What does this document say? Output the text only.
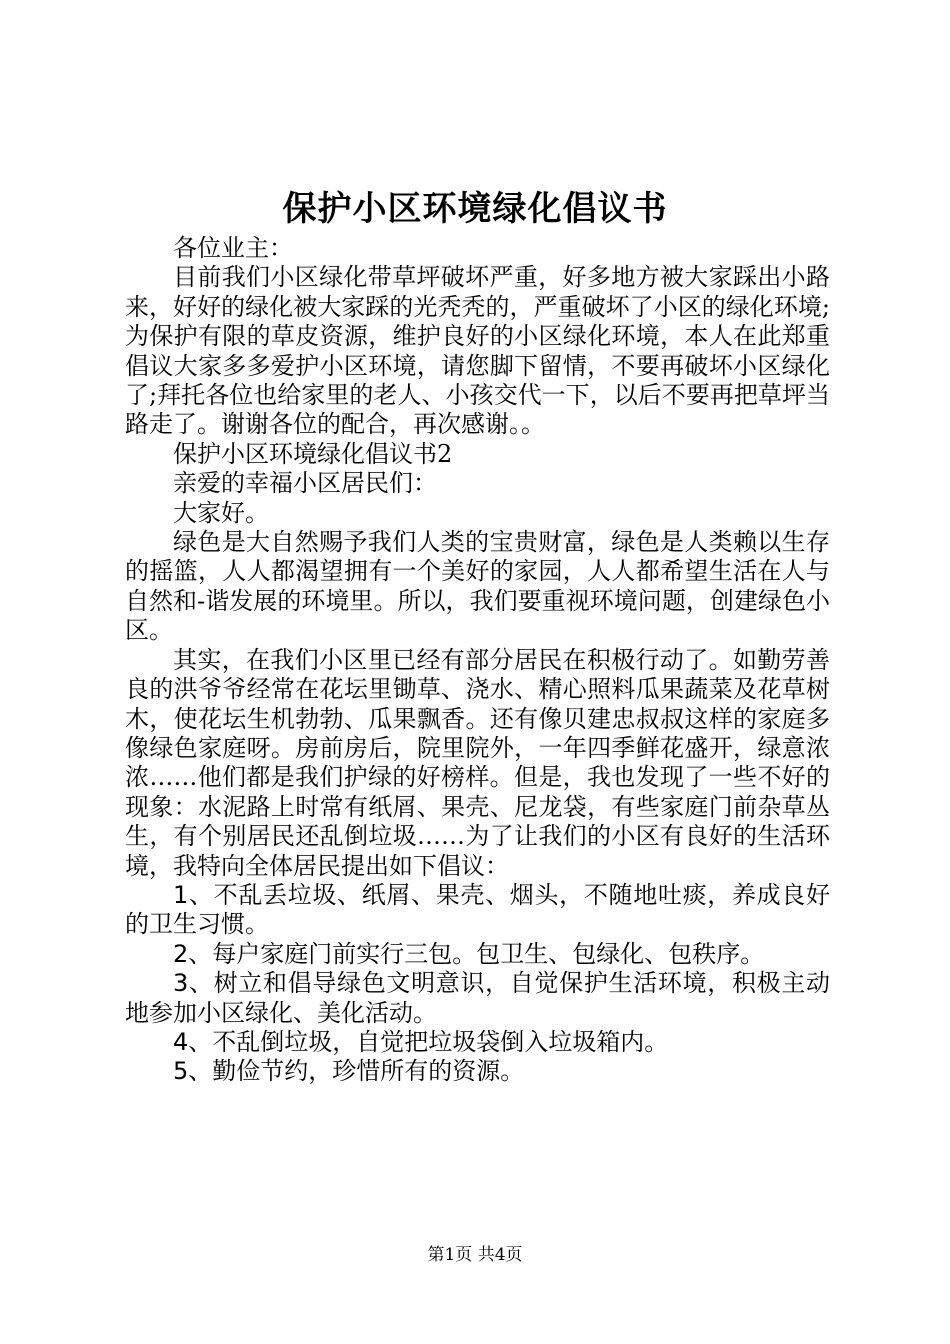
保护小区环境绿化倡议书

各位业主：

目前我们小区绿化带草坪破坏严重，好多地方被大家踩出小路来，好好的绿化被大家踩的光秃秃的，严重破坏了小区的绿化环境;为保护有限的草皮资源，维护良好的小区绿化环境，本人在此郑重倡议大家多多爱护小区环境，请您脚下留情，不要再破坏小区绿化了;拜托各位也给家里的老人、小孩交代一下，以后不要再把草坪当路走了。谢谢各位的配合，再次感谢。。

保护小区环境绿化倡议书2

亲爱的幸福小区居民们：

大家好。

绿色是大自然赐予我们人类的宝贵财富，绿色是人类赖以生存的摇篮，人人都渴望拥有一个美好的家园，人人都希望生活在人与自然和-谐发展的环境里。所以，我们要重视环境问题，创建绿色小区。

其实，在我们小区里已经有部分居民在积极行动了。如勤劳善良的洪爷爷经常在花坛里锄草、浇水、精心照料瓜果蔬菜及花草树木，使花坛生机勃勃、瓜果飘香。还有像贝建忠叔叔这样的家庭多像绿色家庭呀。房前房后，院里院外，一年四季鲜花盛开，绿意浓浓……他们都是我们护绿的好榜样。但是，我也发现了一些不好的现象：水泥路上时常有纸屑、果壳、尼龙袋，有些家庭门前杂草丛生，有个别居民还乱倒垃圾……为了让我们的小区有良好的生活环境，我特向全体居民提出如下倡议：

1、不乱丢垃圾、纸屑、果壳、烟头，不随地吐痰，养成良好的卫生习惯。

2、每户家庭门前实行三包。包卫生、包绿化、包秩序。

3、树立和倡导绿色文明意识，自觉保护生活环境，积极主动地参加小区绿化、美化活动。

4、不乱倒垃圾，自觉把垃圾袋倒入垃圾箱内。

5、勤俭节约，珍惜所有的资源。

第1页 共4页
